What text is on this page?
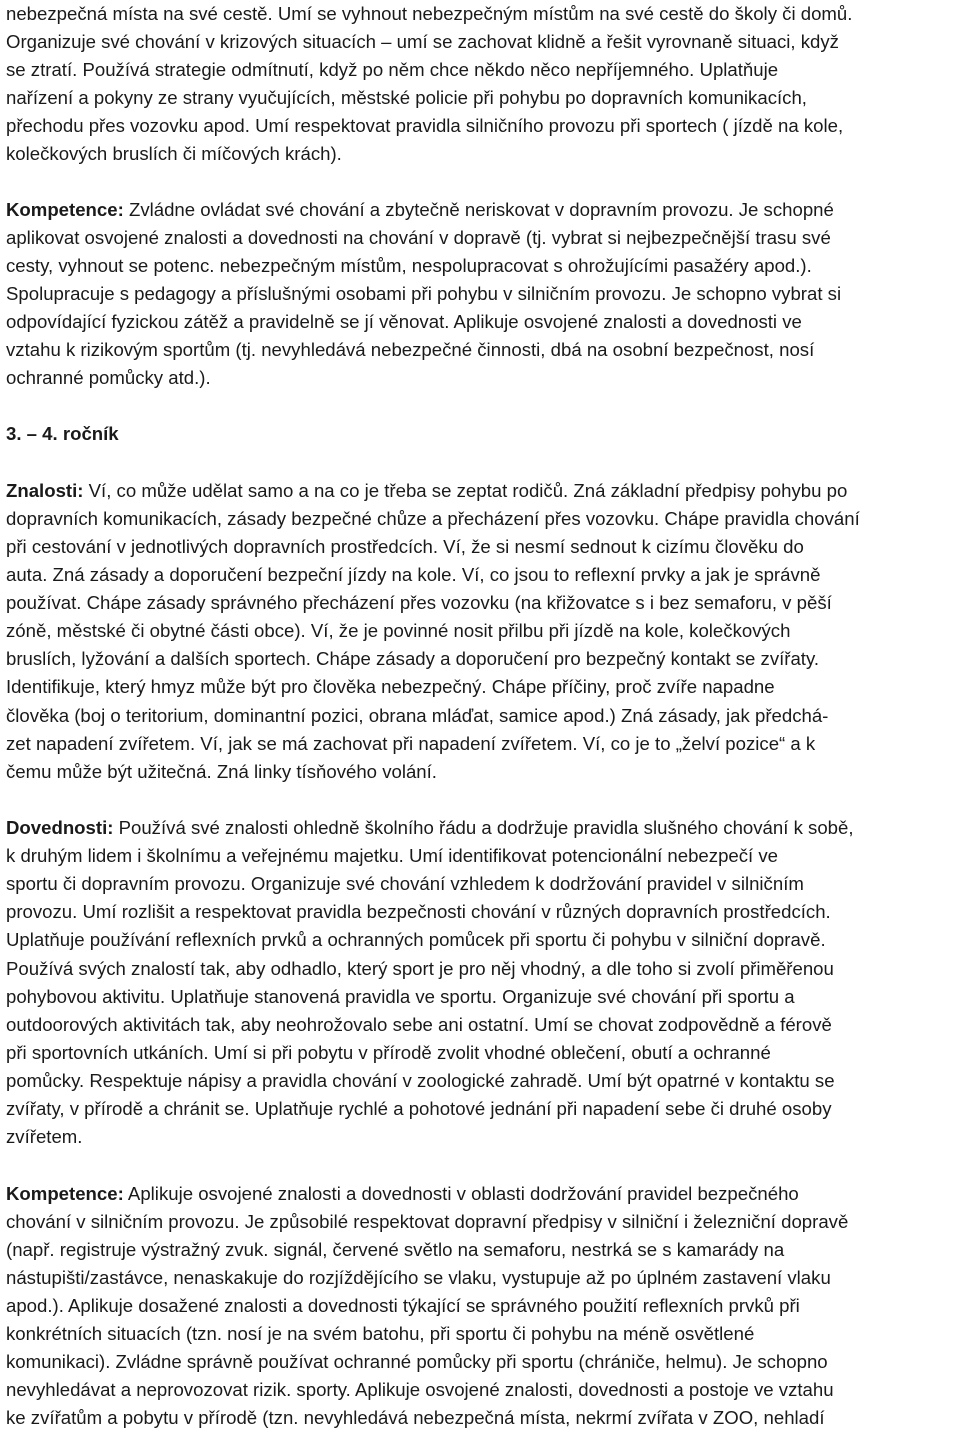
nebezpečná místa na své cestě. Umí se vyhnout nebezpečným místům na své cestě do školy či domů.

Organizuje své chování v krizových situacích – umí se zachovat klidně a řešit vyrovnaně situaci, když

se ztratí. Používá strategie odmítnutí, když po něm chce někdo něco nepříjemného. Uplatňuje

nařízení a pokyny ze strany vyučujících, městské policie při pohybu po dopravních komunikacích,

přechodu přes vozovku apod. Umí respektovat pravidla silničního provozu při sportech ( jízdě na kole,

kolečkových bruslích či míčových krách).

Kompetence: Zvládne ovládat své chování a zbytečně neriskovat v dopravním provozu. Je schopné

aplikovat osvojené znalosti a dovednosti na chování v dopravě (tj. vybrat si nejbezpečnější trasu své

cesty, vyhnout se potenc. nebezpečným místům, nespolupracovat s ohrožujícími pasažéry apod.).

Spolupracuje s pedagogy a příslušnými osobami při pohybu v silničním provozu. Je schopno vybrat si

odpovídající fyzickou zátěž a pravidelně se jí věnovat. Aplikuje osvojené znalosti a dovednosti ve

vztahu k rizikovým sportům (tj. nevyhledává nebezpečné činnosti, dbá na osobní bezpečnost, nosí

ochranné pomůcky atd.).

3. – 4. ročník

Znalosti: Ví, co může udělat samo a na co je třeba se zeptat rodičů. Zná základní předpisy pohybu po

dopravních komunikacích, zásady bezpečné chůze a přecházení přes vozovku. Chápe pravidla chování

při cestování v jednotlivých dopravních prostředcích. Ví, že si nesmí sednout k cizímu člověku do

auta. Zná zásady a doporučení bezpeční jízdy na kole. Ví, co jsou to reflexní prvky a jak je správně

používat. Chápe zásady správného přecházení přes vozovku (na křižovatce s i bez semaforu, v pěší

zóně, městské či obytné části obce). Ví, že je povinné nosit přilbu při jízdě na kole, kolečkových

bruslích, lyžování a dalších sportech. Chápe zásady a doporučení pro bezpečný kontakt se zvířaty.

Identifikuje, který hmyz může být pro člověka nebezpečný. Chápe příčiny, proč zvíře napadne

člověka (boj o teritorium, dominantní pozici, obrana mláďat, samice apod.) Zná zásady, jak předchá-

zet napadení zvířetem. Ví, jak se má zachovat při napadení zvířetem. Ví, co je to „želví pozice“ a k

čemu může být užitečná. Zná linky tísňového volání.

Dovednosti: Používá své znalosti ohledně školního řádu a dodržuje pravidla slušného chování k sobě,

k druhým lidem i školnímu a veřejnému majetku. Umí identifikovat potencionální nebezpečí ve

sportu či dopravním provozu. Organizuje své chování vzhledem k dodržování pravidel v silničním

provozu. Umí rozlišit a respektovat pravidla bezpečnosti chování v různých dopravních prostředcích.

Uplatňuje používání reflexních prvků a ochranných pomůcek při sportu či pohybu v silniční dopravě.

Používá svých znalostí tak, aby odhadlo, který sport je pro něj vhodný, a dle toho si zvolí přiměřenou

pohybovou aktivitu. Uplatňuje stanovená pravidla ve sportu. Organizuje své chování při sportu a

outdoorových aktivitách tak, aby neohrožovalo sebe ani ostatní. Umí se chovat zodpovědně a férově

při sportovních utkáních. Umí si při pobytu v přírodě zvolit vhodné oblečení, obutí a ochranné

pomůcky. Respektuje nápisy a pravidla chování v zoologické zahradě. Umí být opatrné v kontaktu se

zvířaty, v přírodě a chránit se. Uplatňuje rychlé a pohotové jednání při napadení sebe či druhé osoby

zvířetem.

Kompetence: Aplikuje osvojené znalosti a dovednosti v oblasti dodržování pravidel bezpečného

chování v silničním provozu. Je způsobilé respektovat dopravní předpisy v silniční i železniční dopravě

(např. registruje výstražný zvuk. signál, červené světlo na semaforu, nestrká se s kamarády na

nástupišti/zastávce, nenaskakuje do rozjíždějícího se vlaku, vystupuje až po úplném zastavení vlaku

apod.). Aplikuje dosažené znalosti a dovednosti týkající se správného použití reflexních prvků při

konkrétních situacích (tzn. nosí je na svém batohu, při sportu či pohybu na méně osvětlené

komunikaci). Zvládne správně používat ochranné pomůcky při sportu (chrániče, helmu). Je schopno

nevyhledávat a neprovozovat rizik. sporty. Aplikuje osvojené znalosti, dovednosti a postoje ve vztahu

ke zvířatům a pobytu v přírodě (tzn. nevyhledává nebezpečná místa, nekrmí zvířata v ZOO, nehladí
